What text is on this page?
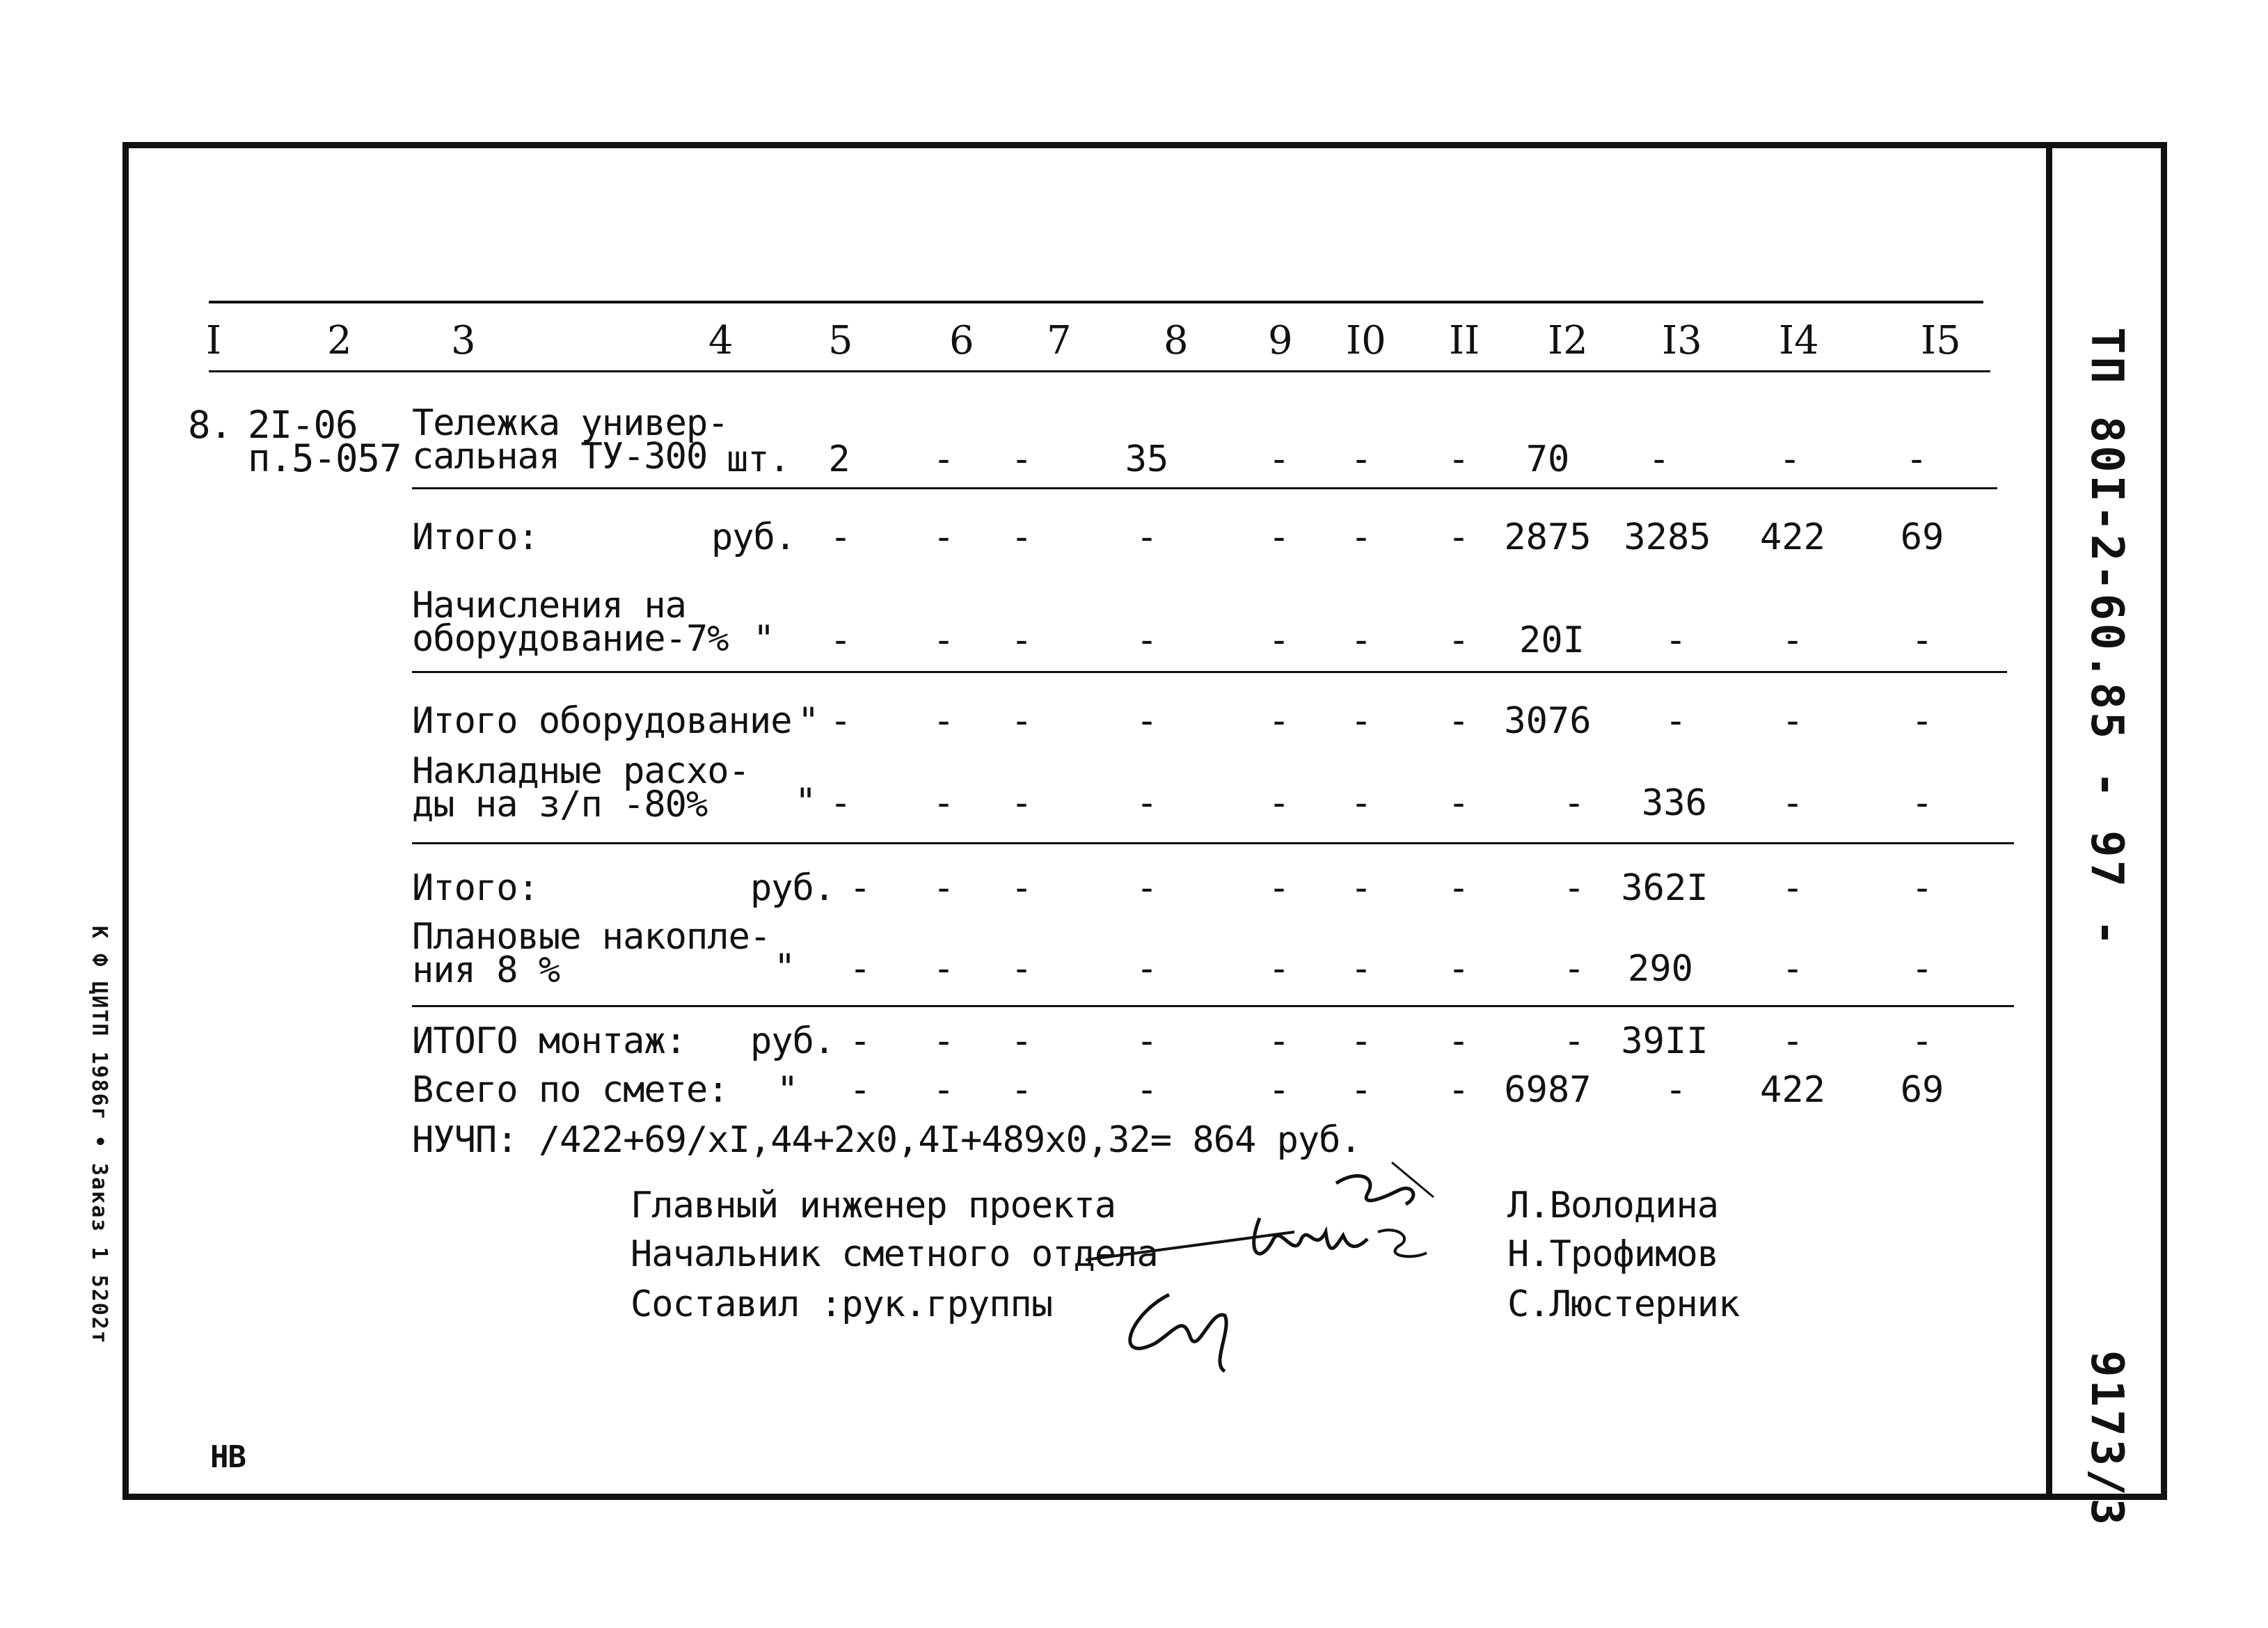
I	2	3	4 5 6 7 8 9 I0 II I2 I3 I4	I5
8. 2I-06
п.5-057
Тележка универ-
сальная ТУ-300 шт.	2	-	-	35	-	-	-	70	-	-	-
Итого:	руб. -	-	-	-	-	-	- 2875 3285	422	69
Начисления на
оборудование-7% "	-	-	-	-	-	-	-	20I	-	-	-
Итого оборудование " -	-	-	-	-	-	- 3076	-	-	-
Накладные расхо-
ды на з/п -80%	" -	-	-	-	-	-	-	-	336	-	-
Итого:	руб. -	-	-	-	-	-	-	- 362I	-	-
Плановые накопле-
ния 8 %	"	-	-	-	-	-	-	-	-	290	-	-
ИТОГО монтаж: руб. -	-	-	-	-	-	-	- 39II	-	-
Всего по смете: "	-	-	-	-	-	-	- 6987	-	422	69
НУЧП: /422+69/хI,44+2х0,4I+489х0,32= 864 руб.
Главный инженер проекта
Начальник сметного отдела
Составил :рук.группы
Л.Володина
Н.Трофимов
С.Люстерник
НВ
ТП 80I-2-60.85 - 97 -
9173/3
К Ф ЦИТП 1986г • Заказ 1 5202т
